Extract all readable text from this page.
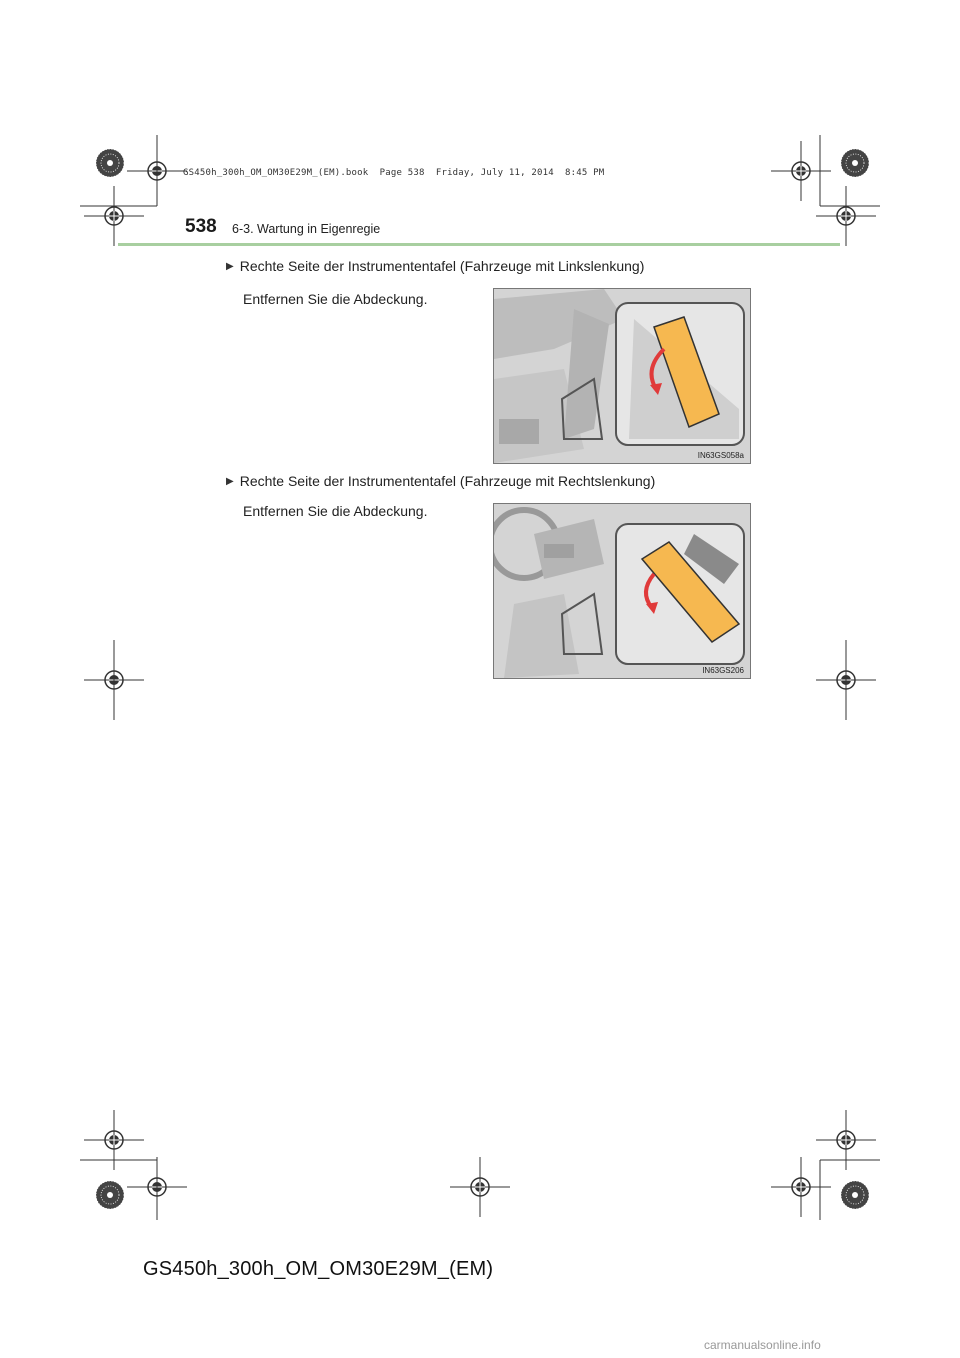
GS450h_300h_OM_OM30E29M_(EM).book  Page 538  Friday, July 11, 2014  8:45 PM
538 6-3. Wartung in Eigenregie
▶ Rechte Seite der Instrumententafel (Fahrzeuge mit Linkslenkung)
Entfernen Sie die Abdeckung.
IN63GS058a
▶ Rechte Seite der Instrumententafel (Fahrzeuge mit Rechtslenkung)
Entfernen Sie die Abdeckung.
IN63GS206
GS450h_300h_OM_OM30E29M_(EM)
carmanualsonline.info
